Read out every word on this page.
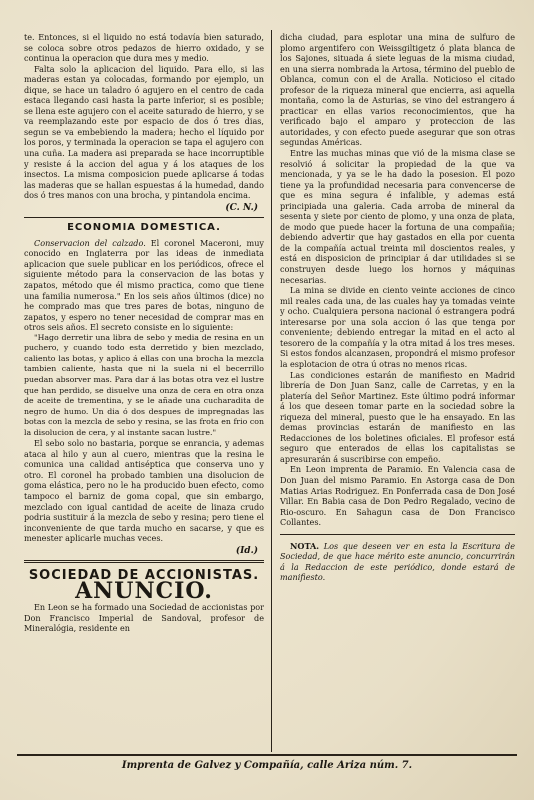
te. Entonces, si el liquido no está todavía bien saturado, se coloca sobre otros pedazos de hierro oxidado, y se continua la operacion que dura mes y medio.

Falta solo la aplicacion del liquido. Para ello, si las maderas estan ya colocadas, formando por ejemplo, un dique, se hace un taladro ó agujero en el centro de cada estaca llegando casi hasta la parte inferior, si es posible; se llena este agujero con el aceite saturado de hierro, y se va reemplazando este por espacio de dos ó tres dias, segun se va embebiendo la madera; hecho el líquido por los poros, y terminada la operacion se tapa el agujero con una cuña. La madera asi preparada se hace incorruptible y resiste á la accion del agua y á los ataques de los insectos. La misma composicion puede aplicarse á todas las maderas que se hallan espuestas á la humedad, dando dos ó tres manos con una brocha, y pintandola encima.

(C. N.)
ECONOMIA DOMESTICA.

Conservacion del calzado. El coronel Maceroni, muy conocido en Inglaterra por las ideas de inmediata aplicacion que suele publicar en los periódicos, ofrece el siguiente método para la conservacion de las botas y zapatos, método que él mismo practica, como que tiene una familia numerosa." En los seis años últimos (dice) no he comprado mas que tres pares de botas, ninguno de zapatos, y espero no tener necesidad de comprar mas en otros seis años. El secreto consiste en lo siguiente:

"Hago derretir una libra de sebo y media de resina en un puchero, y cuando todo esta derretido y bien mezclado, caliento las botas, y aplico á ellas con una brocha la mezcla tambien caliente, hasta que ni la suela ni el becerrillo puedan absorver mas. Para dar á las botas otra vez el lustre que han perdido, se disuelve una onza de cera en otra onza de aceite de trementina, y se le añade una cucharadita de negro de humo. Un dia ó dos despues de impregnadas las botas con la mezcla de sebo y resina, se las frota en frio con la disolucion de cera, y al instante sacan lustre."

El sebo solo no bastaria, porque se enrancia, y ademas ataca al hilo y aun al cuero, mientras que la resina le comunica una calidad antiséptica que conserva uno y otro. El coronel ha probado tambien una disolucion de goma elástica, pero no le ha producido buen efecto, como tampoco el barniz de goma copal, que sin embargo, mezclado con igual cantidad de aceite de linaza crudo podria sustituir á la mezcla de sebo y resina; pero tiene el inconveniente de que tarda mucho en sacarse, y que es menester aplicarle muchas veces.

(Id.)
SOCIEDAD DE ACCIONISTAS.
ANUNCIO.

En Leon se ha formado una Sociedad de accionistas por Don Francisco Imperial de Sandoval, profesor de Mineralógia, residente en

dicha ciudad, para esplotar una mina de sulfuro de plomo argentifero con Weissgiltigetz ó plata blanca de los Sajones, situada á siete leguas de la misma ciudad, en una sierra nombrada la Artosa, término del pueblo de Oblanca, comun con el de Aralla. Noticioso el citado profesor de la riqueza mineral que encierra, asi aquella montaña, como la de Asturias, se vino del estrangero á practicar en ellas varios reconocimientos, que ha verificado bajo el amparo y proteccion de las autoridades, y con efecto puede asegurar que son otras segundas Américas.

Entre las muchas minas que vió de la misma clase se resolvió á solicitar la propiedad de la que va mencionada, y ya se le ha dado la posesion. El pozo tiene ya la profundidad necesaria para convencerse de que es mina segura é infalible, y ademas está principiada una galeria. Cada arroba de mineral da sesenta y siete por ciento de plomo, y una onza de plata, de modo que puede hacer la fortuna de una compañia; debiendo advertir que hay gastados en ella por cuenta de la compañía actual treinta mil doscientos reales, y está en disposicion de principiar á dar utilidades si se construyen desde luego los hornos y máquinas necesarias.

La mina se divide en ciento veinte acciones de cinco mil reales cada una, de las cuales hay ya tomadas veinte y ocho. Cualquiera persona nacional ó estrangera podrá interesarse por una sola accion ó las que tenga por conveniente; debiendo entregar la mitad en el acto al tesorero de la compañía y la otra mitad á los tres meses. Si estos fondos alcanzasen, propondrá el mismo profesor la esplotacion de otra ú otras no menos ricas.

Las condiciones estarán de manifiesto en Madrid librería de Don Juan Sanz, calle de Carretas, y en la platería del Señor Martinez. Este último podrá informar á los que deseen tomar parte en la sociedad sobre la riqueza del mineral, puesto que le ha ensayado. En las demas provincias estarán de manifiesto en las Redacciones de los boletines oficiales. El profesor está seguro que enterados de ellas los capitalistas se apresurarán á suscribirse con empeño.

En Leon imprenta de Paramio. En Valencia casa de Don Juan del mismo Paramio. En Astorga casa de Don Matias Arias Rodriguez. En Ponferrada casa de Don José Villar. En Babia casa de Don Pedro Regalado, vecino de Rio-oscuro. En Sahagun casa de Don Francisco Collantes.

NOTA. Los que deseen ver en esta la Escritura de Sociedad, de que hace mérito este anuncio, concurrirán á la Redaccion de este periódico, donde estará de manifiesto.

Imprenta de Galvez y Compañía, calle Ariza núm. 7.
